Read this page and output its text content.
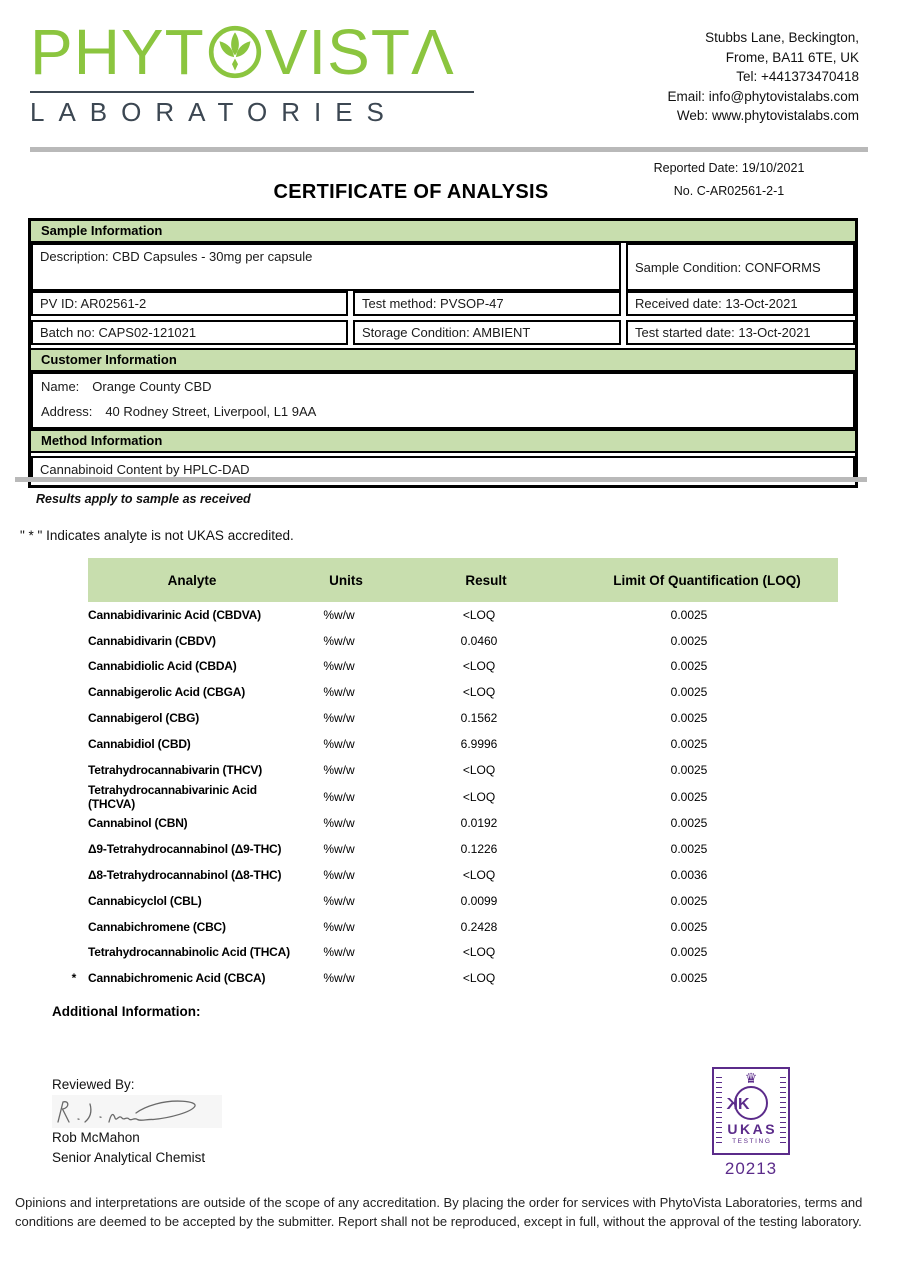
PHYT VIST Λ
LABORATORIES
Stubbs Lane, Beckington,
Frome, BA11 6TE, UK
Tel: +441373470418
Email: info@phytovistalabs.com
Web: www.phytovistalabs.com
Reported Date: 19/10/2021
No. C-AR02561-2-1
CERTIFICATE OF ANALYSIS
Sample Information
Description: CBD Capsules - 30mg per capsule
Sample Condition: CONFORMS
PV ID: AR02561-2	Test method: PVSOP-47	Received date: 13-Oct-2021
Batch no: CAPS02-121021	Storage Condition: AMBIENT	Test started date: 13-Oct-2021
Customer Information
Name: Orange County CBD
Address: 40 Rodney Street, Liverpool, L1 9AA
Method Information
Cannabinoid Content by HPLC-DAD
Results apply to sample as received
" * " Indicates analyte is not UKAS accredited.
	Analyte	Units	Result	Limit Of Quantification (LOQ)
	Cannabidivarinic Acid (CBDVA)	%w/w	<LOQ	0.0025
	Cannabidivarin (CBDV)	%w/w	0.0460	0.0025
	Cannabidiolic Acid (CBDA)	%w/w	<LOQ	0.0025
	Cannabigerolic Acid (CBGA)	%w/w	<LOQ	0.0025
	Cannabigerol (CBG)	%w/w	0.1562	0.0025
	Cannabidiol (CBD)	%w/w	6.9996	0.0025
	Tetrahydrocannabivarin (THCV)	%w/w	<LOQ	0.0025
	Tetrahydrocannabivarinic Acid (THCVA)	%w/w	<LOQ	0.0025
	Cannabinol (CBN)	%w/w	0.0192	0.0025
	Δ9-Tetrahydrocannabinol (Δ9-THC)	%w/w	0.1226	0.0025
	Δ8-Tetrahydrocannabinol (Δ8-THC)	%w/w	<LOQ	0.0036
	Cannabicyclol (CBL)	%w/w	0.0099	0.0025
	Cannabichromene (CBC)	%w/w	0.2428	0.0025
	Tetrahydrocannabinolic Acid (THCA)	%w/w	<LOQ	0.0025
*	Cannabichromenic Acid (CBCA)	%w/w	<LOQ	0.0025
Additional Information:
Reviewed By:
Rob McMahon
Senior Analytical Chemist
♛
K
K
UKAS
TESTING
20213
Opinions and interpretations are outside of the scope of any accreditation. By placing the order for services with PhytoVista Laboratories, terms and conditions are deemed to be accepted by the submitter. Report shall not be reproduced, except in full, without the approval of the testing laboratory.
